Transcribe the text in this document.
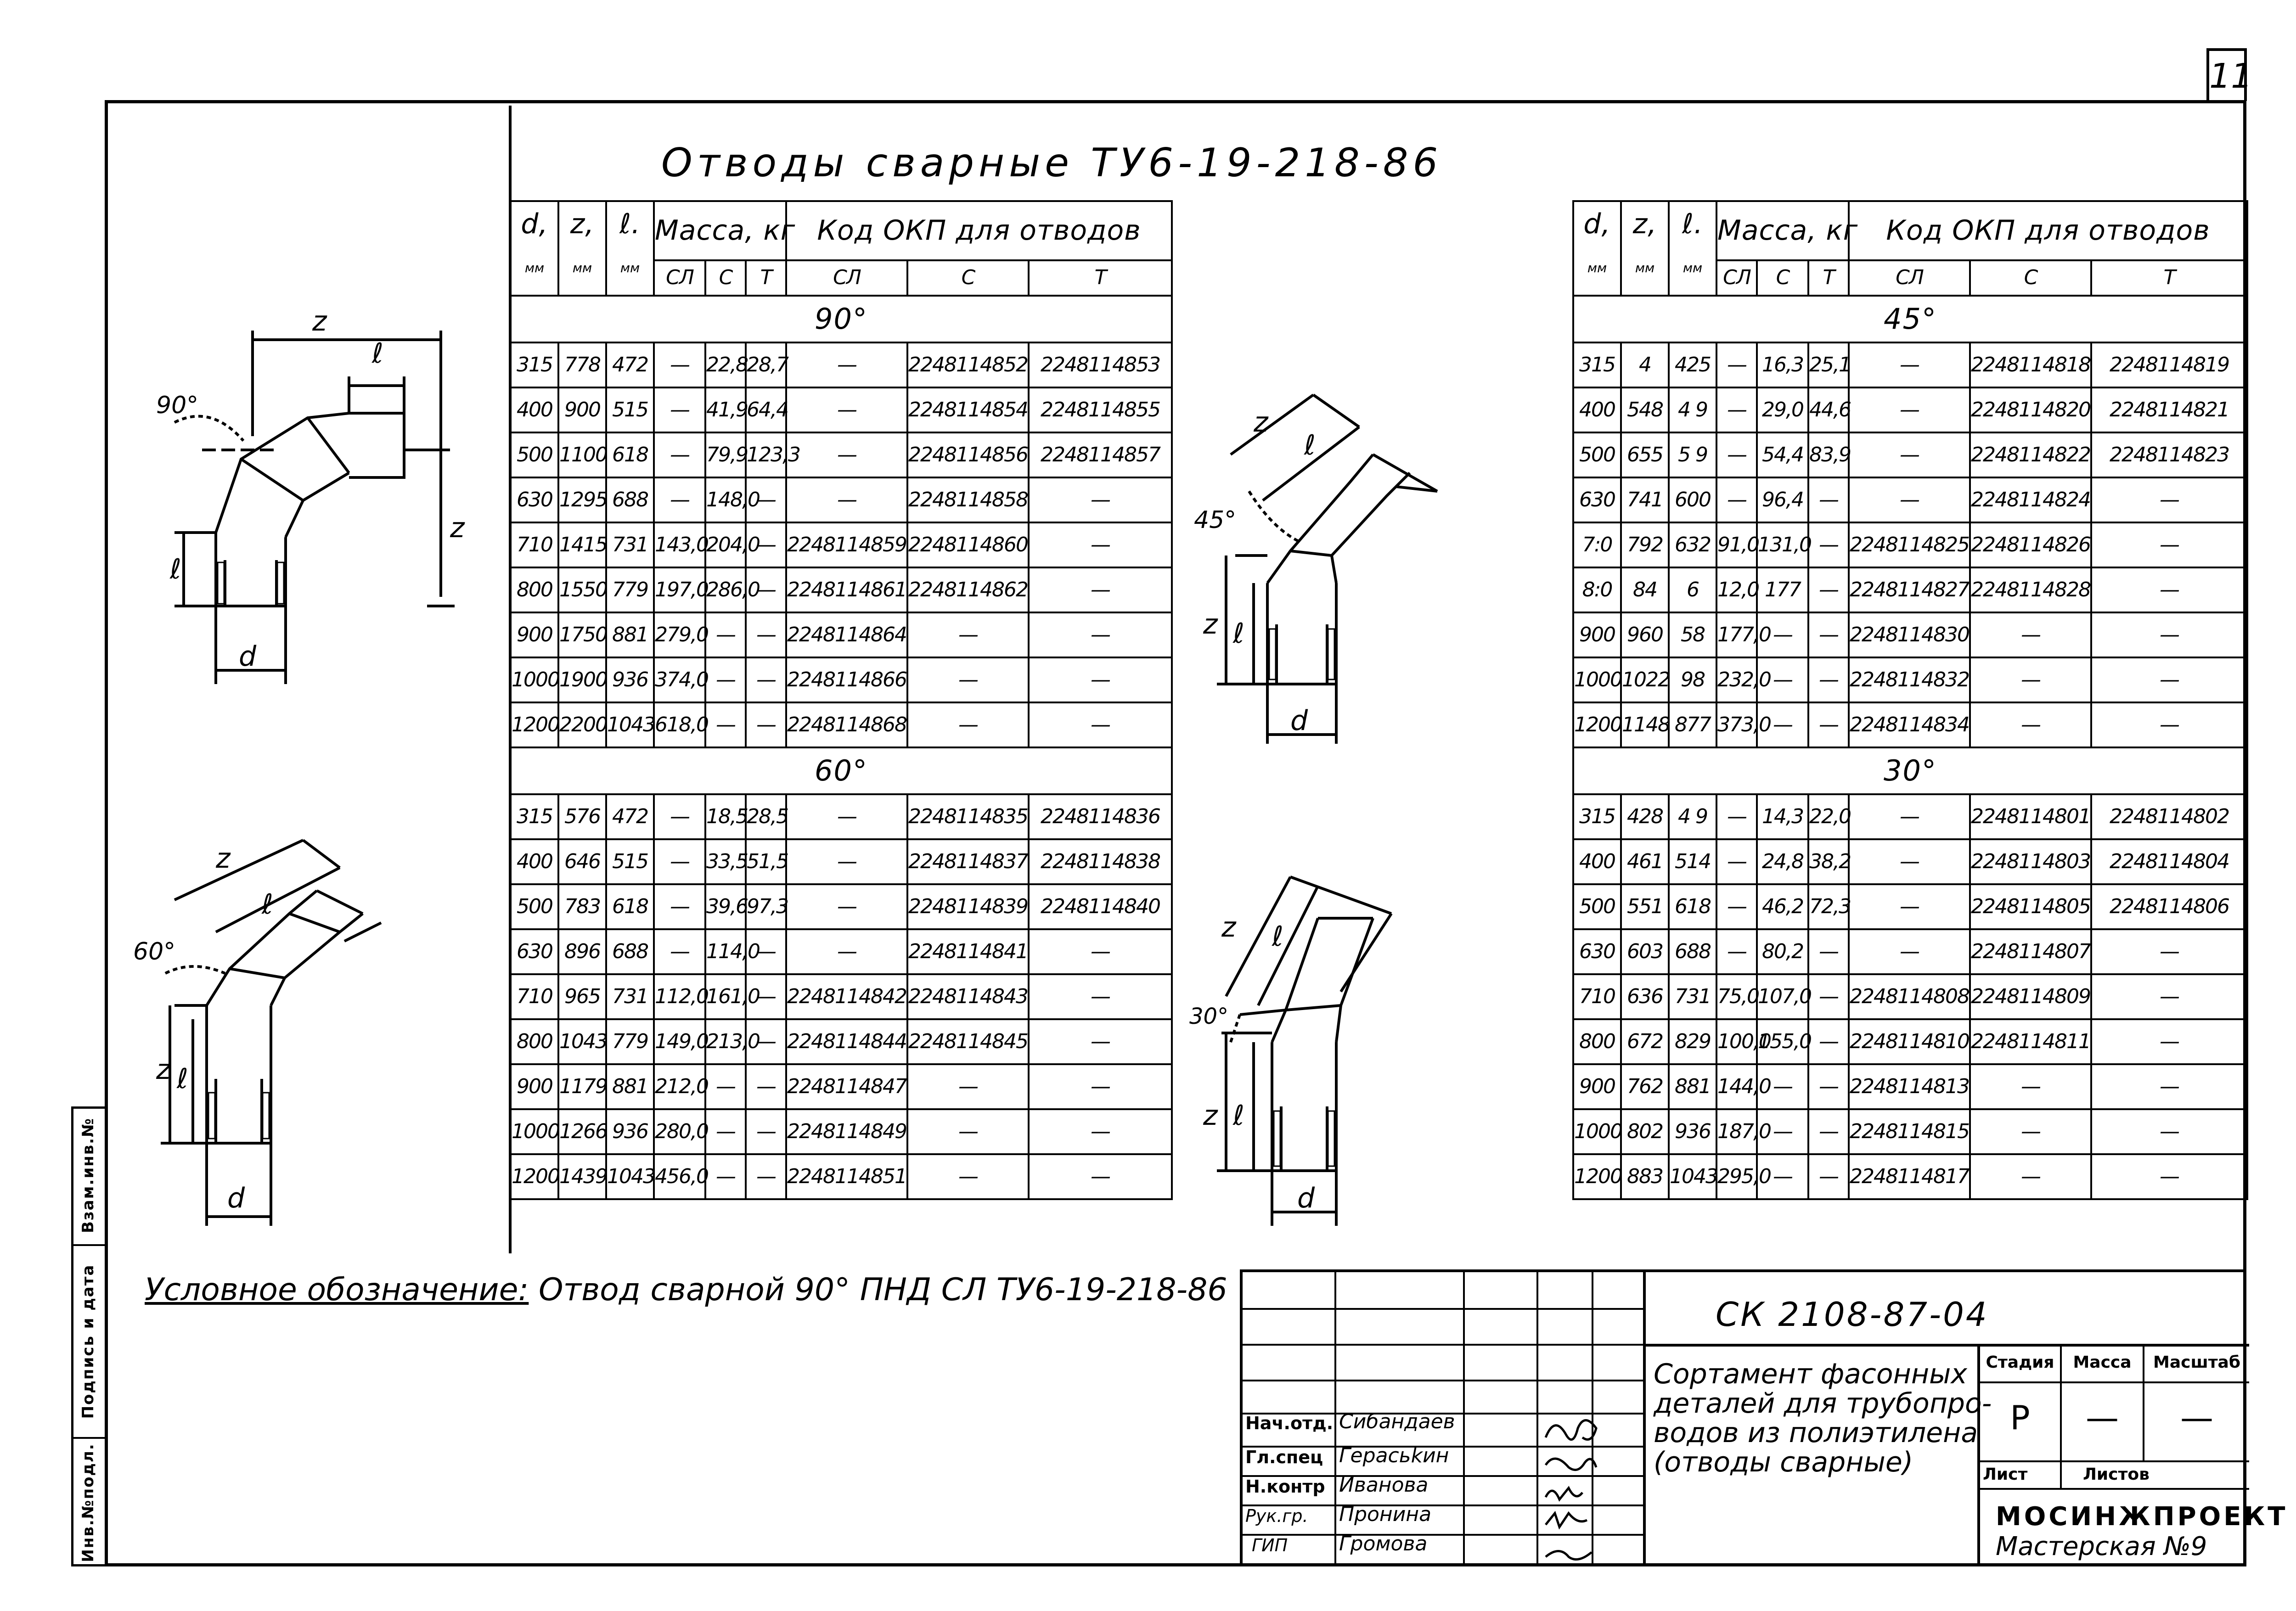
11
Взам.инв.№
Подпись и дата
Инв.№подл.
Отводы сварные ТУ6-19-218-86
d,
мм	z,
мм	ℓ.
мм	Масса, кг			Код ОКП для отводов		
			СЛ	С	Т	СЛ	С	Т
90°								
315	778	472	—	22,8	28,7	—	2248114852	2248114853
400	900	515	—	41,9	64,4	—	2248114854	2248114855
500	1100	618	—	79,9	123,3	—	2248114856	2248114857
630	1295	688	—	148,0	—	—	2248114858	—
710	1415	731	143,0	204,0	—	2248114859	2248114860	—
800	1550	779	197,0	286,0	—	2248114861	2248114862	—
900	1750	881	279,0	—	—	2248114864	—	—
1000	1900	936	374,0	—	—	2248114866	—	—
1200	2200	1043	618,0	—	—	2248114868	—	—
60°								
315	576	472	—	18,5	28,5	—	2248114835	2248114836
400	646	515	—	33,5	51,5	—	2248114837	2248114838
500	783	618	—	39,6	97,3	—	2248114839	2248114840
630	896	688	—	114,0	—	—	2248114841	—
710	965	731	112,0	161,0	—	2248114842	2248114843	—
800	1043	779	149,0	213,0	—	2248114844	2248114845	—
900	1179	881	212,0	—	—	2248114847	—	—
1000	1266	936	280,0	—	—	2248114849	—	—
1200	1439	1043	456,0	—	—	2248114851	—	—
d,
мм	z,
мм	ℓ.
мм	Масса, кг			Код ОКП для отводов		
			СЛ	С	Т	СЛ	С	Т
45°								
315	4	425	—	16,3	25,1	—	2248114818	2248114819
400	548	4 9	—	29,0	44,6	—	2248114820	2248114821
500	655	5 9	—	54,4	83,9	—	2248114822	2248114823
630	741	600	—	96,4	—	—	2248114824	—
7:0	792	632	91,0	131,0	—	2248114825	2248114826	—
8:0	84	6	12,0	177	—	2248114827	2248114828	—
900	960	58	177,0	—	—	2248114830	—	—
1000	1022	98	232,0	—	—	2248114832	—	—
1200	1148	877	373,0	—	—	2248114834	—	—
30°								
315	428	4 9	—	14,3	22,0	—	2248114801	2248114802
400	461	514	—	24,8	38,2	—	2248114803	2248114804
500	551	618	—	46,2	72,3	—	2248114805	2248114806
630	603	688	—	80,2	—	—	2248114807	—
710	636	731	75,0	107,0	—	2248114808	2248114809	—
800	672	829	100,0	155,0	—	2248114810	2248114811	—
900	762	881	144,0	—	—	2248114813	—	—
1000	802	936	187,0	—	—	2248114815	—	—
1200	883	1043	295,0	—	—	2248114817	—	—
z
ℓ
d
90°
ℓ
z
z
ℓ
d
60°
z ℓ
z
ℓ
d
45°
z ℓ
z ℓ
d
30°
z ℓ
Условное обозначение: Отвод сварной 90° ПНД СЛ ТУ6-19-218-86
СК 2108-87-04
Сортамент фасонных
деталей для трубопро-
водов из полиэтилена
(отводы сварные)
Стадия	Масса	Масштаб
Р	—	—
Лист	Листов
МОСИНЖПРОЕКТ
Мастерская №9
Нач.отд. Сибандаев
Гл.спец Герасьkин
Н.контр Иванова
Рук.гр. Пронина
ГИП	Громова
